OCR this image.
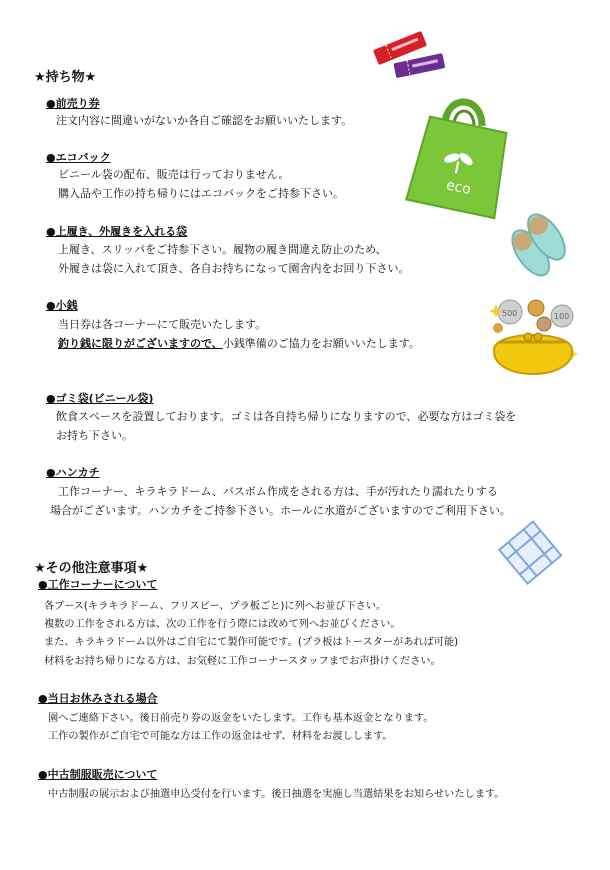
★持ち物★
●前売り券
注文内容に間違いがないか各自ご確認をお願いいたします。
●エコバック
ビニール袋の配布、販売は行っておりません。
購入品や工作の持ち帰りにはエコバックをご持参下さい。
●上履き、外履きを入れる袋
上履き、スリッパをご持参下さい。履物の履き間違え防止のため、
外履きは袋に入れて頂き、各自お持ちになって園舎内をお回り下さい。
●小銭
当日券は各コーナーにて販売いたします。
釣り銭に限りがございますので、小銭準備のご協力をお願いいたします。
●ゴミ袋(ビニール袋)
飲食スペースを設置しております。ゴミは各自持ち帰りになりますので、必要な方はゴミ袋を
お持ち下さい。
●ハンカチ
工作コーナー、キラキラドーム、バスボム作成をされる方は、手が汚れたり濡れたりする
場合がございます。ハンカチをご持参下さい。ホールに水道がございますのでご利用下さい。
★その他注意事項★
●工作コーナーについて
各ブース(キラキラドーム、フリスビー、プラ板ごと)に列へお並び下さい。
複数の工作をされる方は、次の工作を行う際には改めて列へお並びください。
また、キラキラドーム以外はご自宅にて製作可能です。(プラ板はトースターがあれば可能)
材料をお持ち帰りになる方は、お気軽に工作コーナースタッフまでお声掛けください。
●当日お休みされる場合
園へご連絡下さい。後日前売り券の返金をいたします。工作も基本返金となります。
工作の製作がご自宅で可能な方は工作の返金はせず、材料をお渡しします。
●中古制服販売について
中古制服の展示および抽選申込受付を行います。後日抽選を実施し当選結果をお知らせいたします。
eco
500	100
